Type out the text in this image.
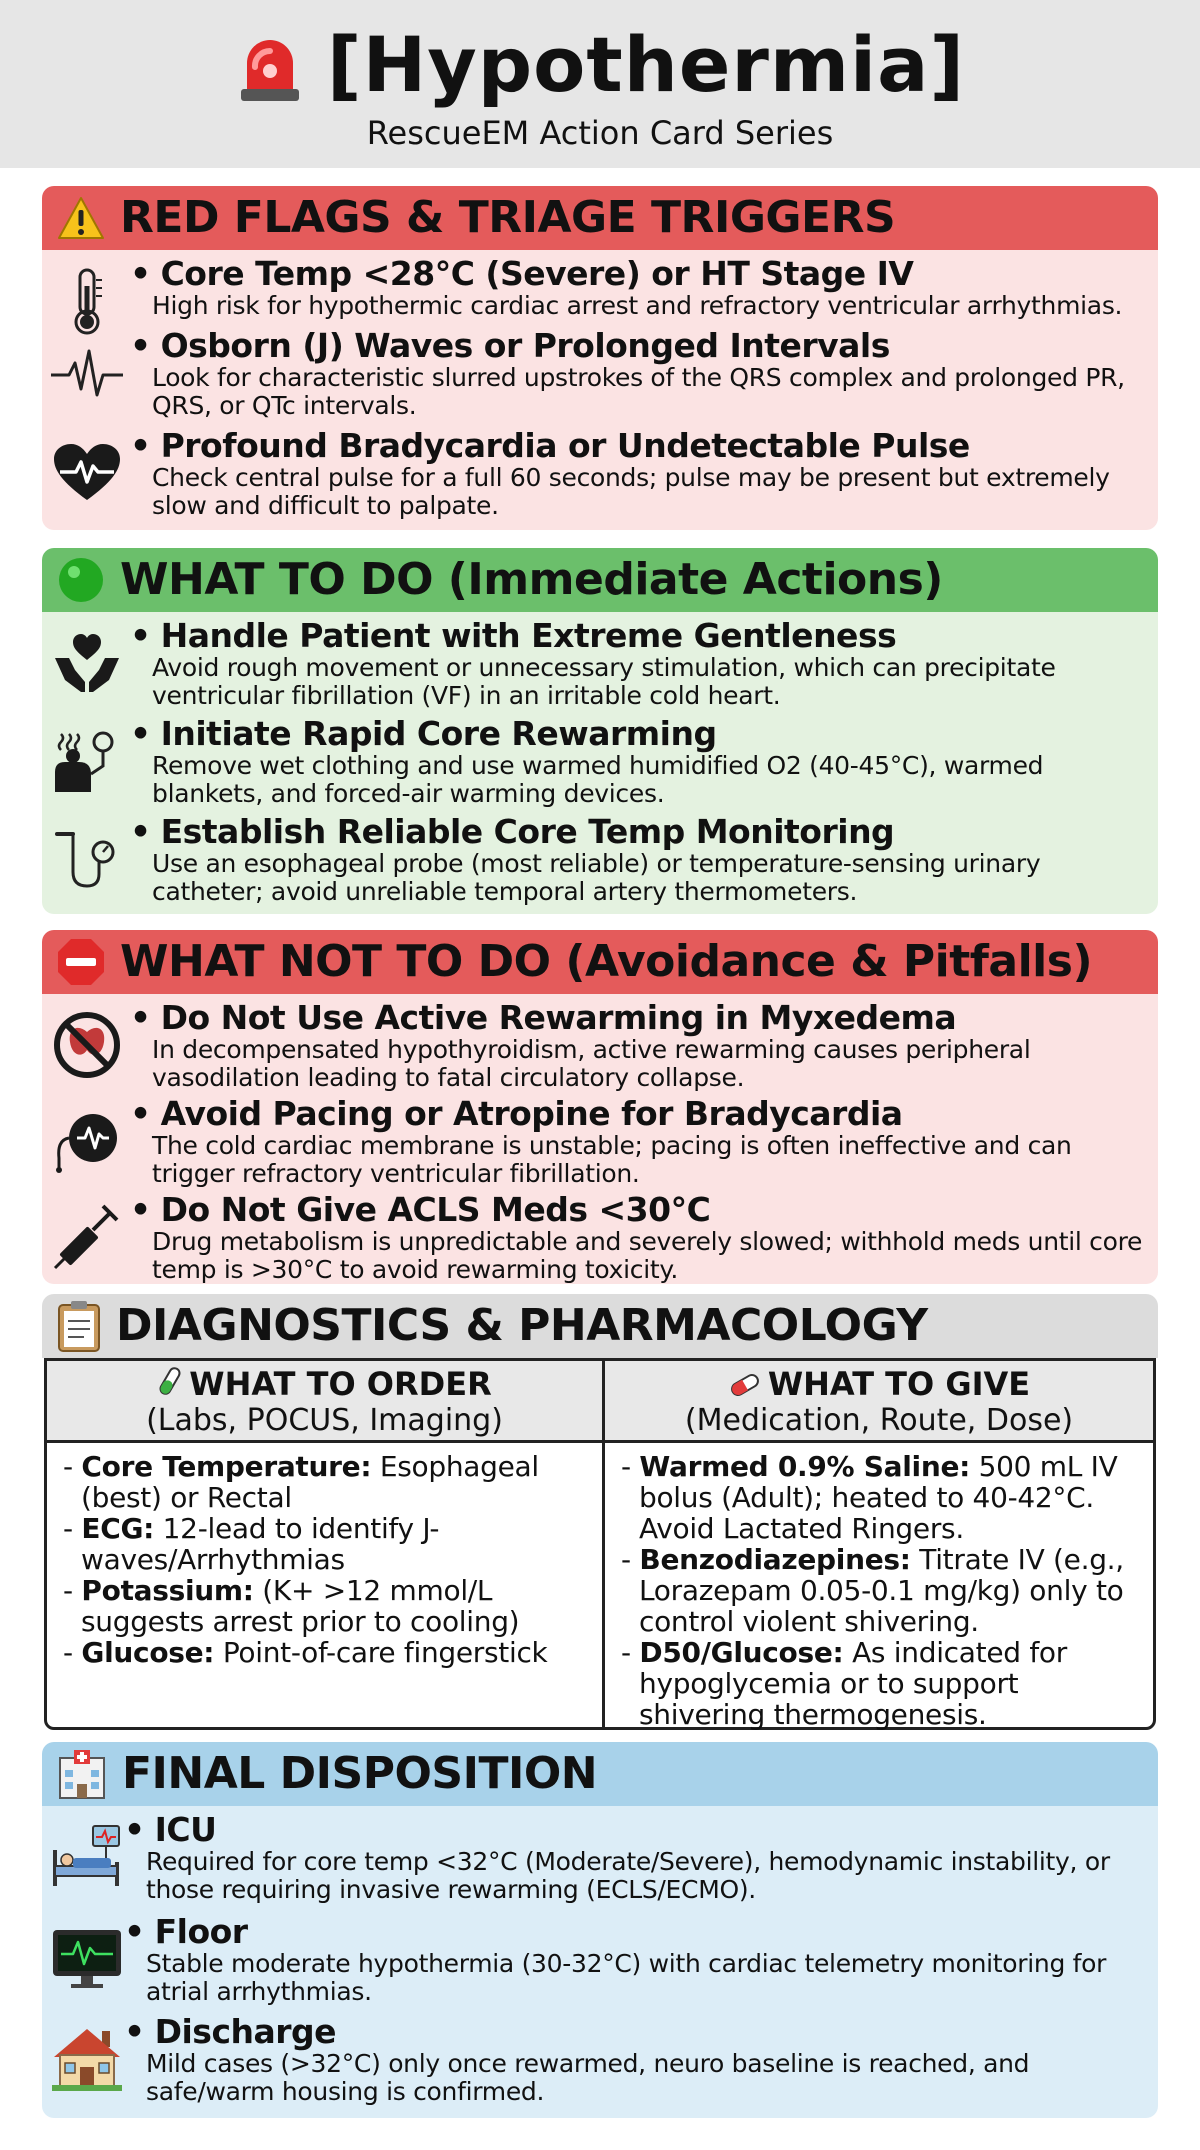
[Hypothermia]
RescueEM Action Card Series
RED FLAGS & TRIAGE TRIGGERS
• Core Temp <28°C (Severe) or HT Stage IV
High risk for hypothermic cardiac arrest and refractory ventricular arrhythmias.
• Osborn (J) Waves or Prolonged Intervals
Look for characteristic slurred upstrokes of the QRS complex and prolonged PR, QRS, or QTc intervals.
• Profound Bradycardia or Undetectable Pulse
Check central pulse for a full 60 seconds; pulse may be present but extremely slow and difficult to palpate.
WHAT TO DO (Immediate Actions)
• Handle Patient with Extreme Gentleness
Avoid rough movement or unnecessary stimulation, which can precipitate ventricular fibrillation (VF) in an irritable cold heart.
• Initiate Rapid Core Rewarming
Remove wet clothing and use warmed humidified O2 (40-45°C), warmed blankets, and forced-air warming devices.
• Establish Reliable Core Temp Monitoring
Use an esophageal probe (most reliable) or temperature-sensing urinary catheter; avoid unreliable temporal artery thermometers.
WHAT NOT TO DO (Avoidance & Pitfalls)
• Do Not Use Active Rewarming in Myxedema
In decompensated hypothyroidism, active rewarming causes peripheral vasodilation leading to fatal circulatory collapse.
• Avoid Pacing or Atropine for Bradycardia
The cold cardiac membrane is unstable; pacing is often ineffective and can trigger refractory ventricular fibrillation.
• Do Not Give ACLS Meds <30°C
Drug metabolism is unpredictable and severely slowed; withhold meds until core temp is >30°C to avoid rewarming toxicity.
DIAGNOSTICS & PHARMACOLOGY
WHAT TO ORDER
(Labs, POCUS, Imaging)
- Core Temperature: Esophageal (best) or Rectal
- ECG: 12-lead to identify J-waves/Arrhythmias
- Potassium: (K+ >12 mmol/L suggests arrest prior to cooling)
- Glucose: Point-of-care fingerstick
WHAT TO GIVE
(Medication, Route, Dose)
- Warmed 0.9% Saline: 500 mL IV bolus (Adult); heated to 40-42°C. Avoid Lactated Ringers.
- Benzodiazepines: Titrate IV (e.g., Lorazepam 0.05-0.1 mg/kg) only to control violent shivering.
- D50/Glucose: As indicated for hypoglycemia or to support shivering thermogenesis.
FINAL DISPOSITION
• ICU
Required for core temp <32°C (Moderate/Severe), hemodynamic instability, or those requiring invasive rewarming (ECLS/ECMO).
• Floor
Stable moderate hypothermia (30-32°C) with cardiac telemetry monitoring for atrial arrhythmias.
• Discharge
Mild cases (>32°C) only once rewarmed, neuro baseline is reached, and safe/warm housing is confirmed.
